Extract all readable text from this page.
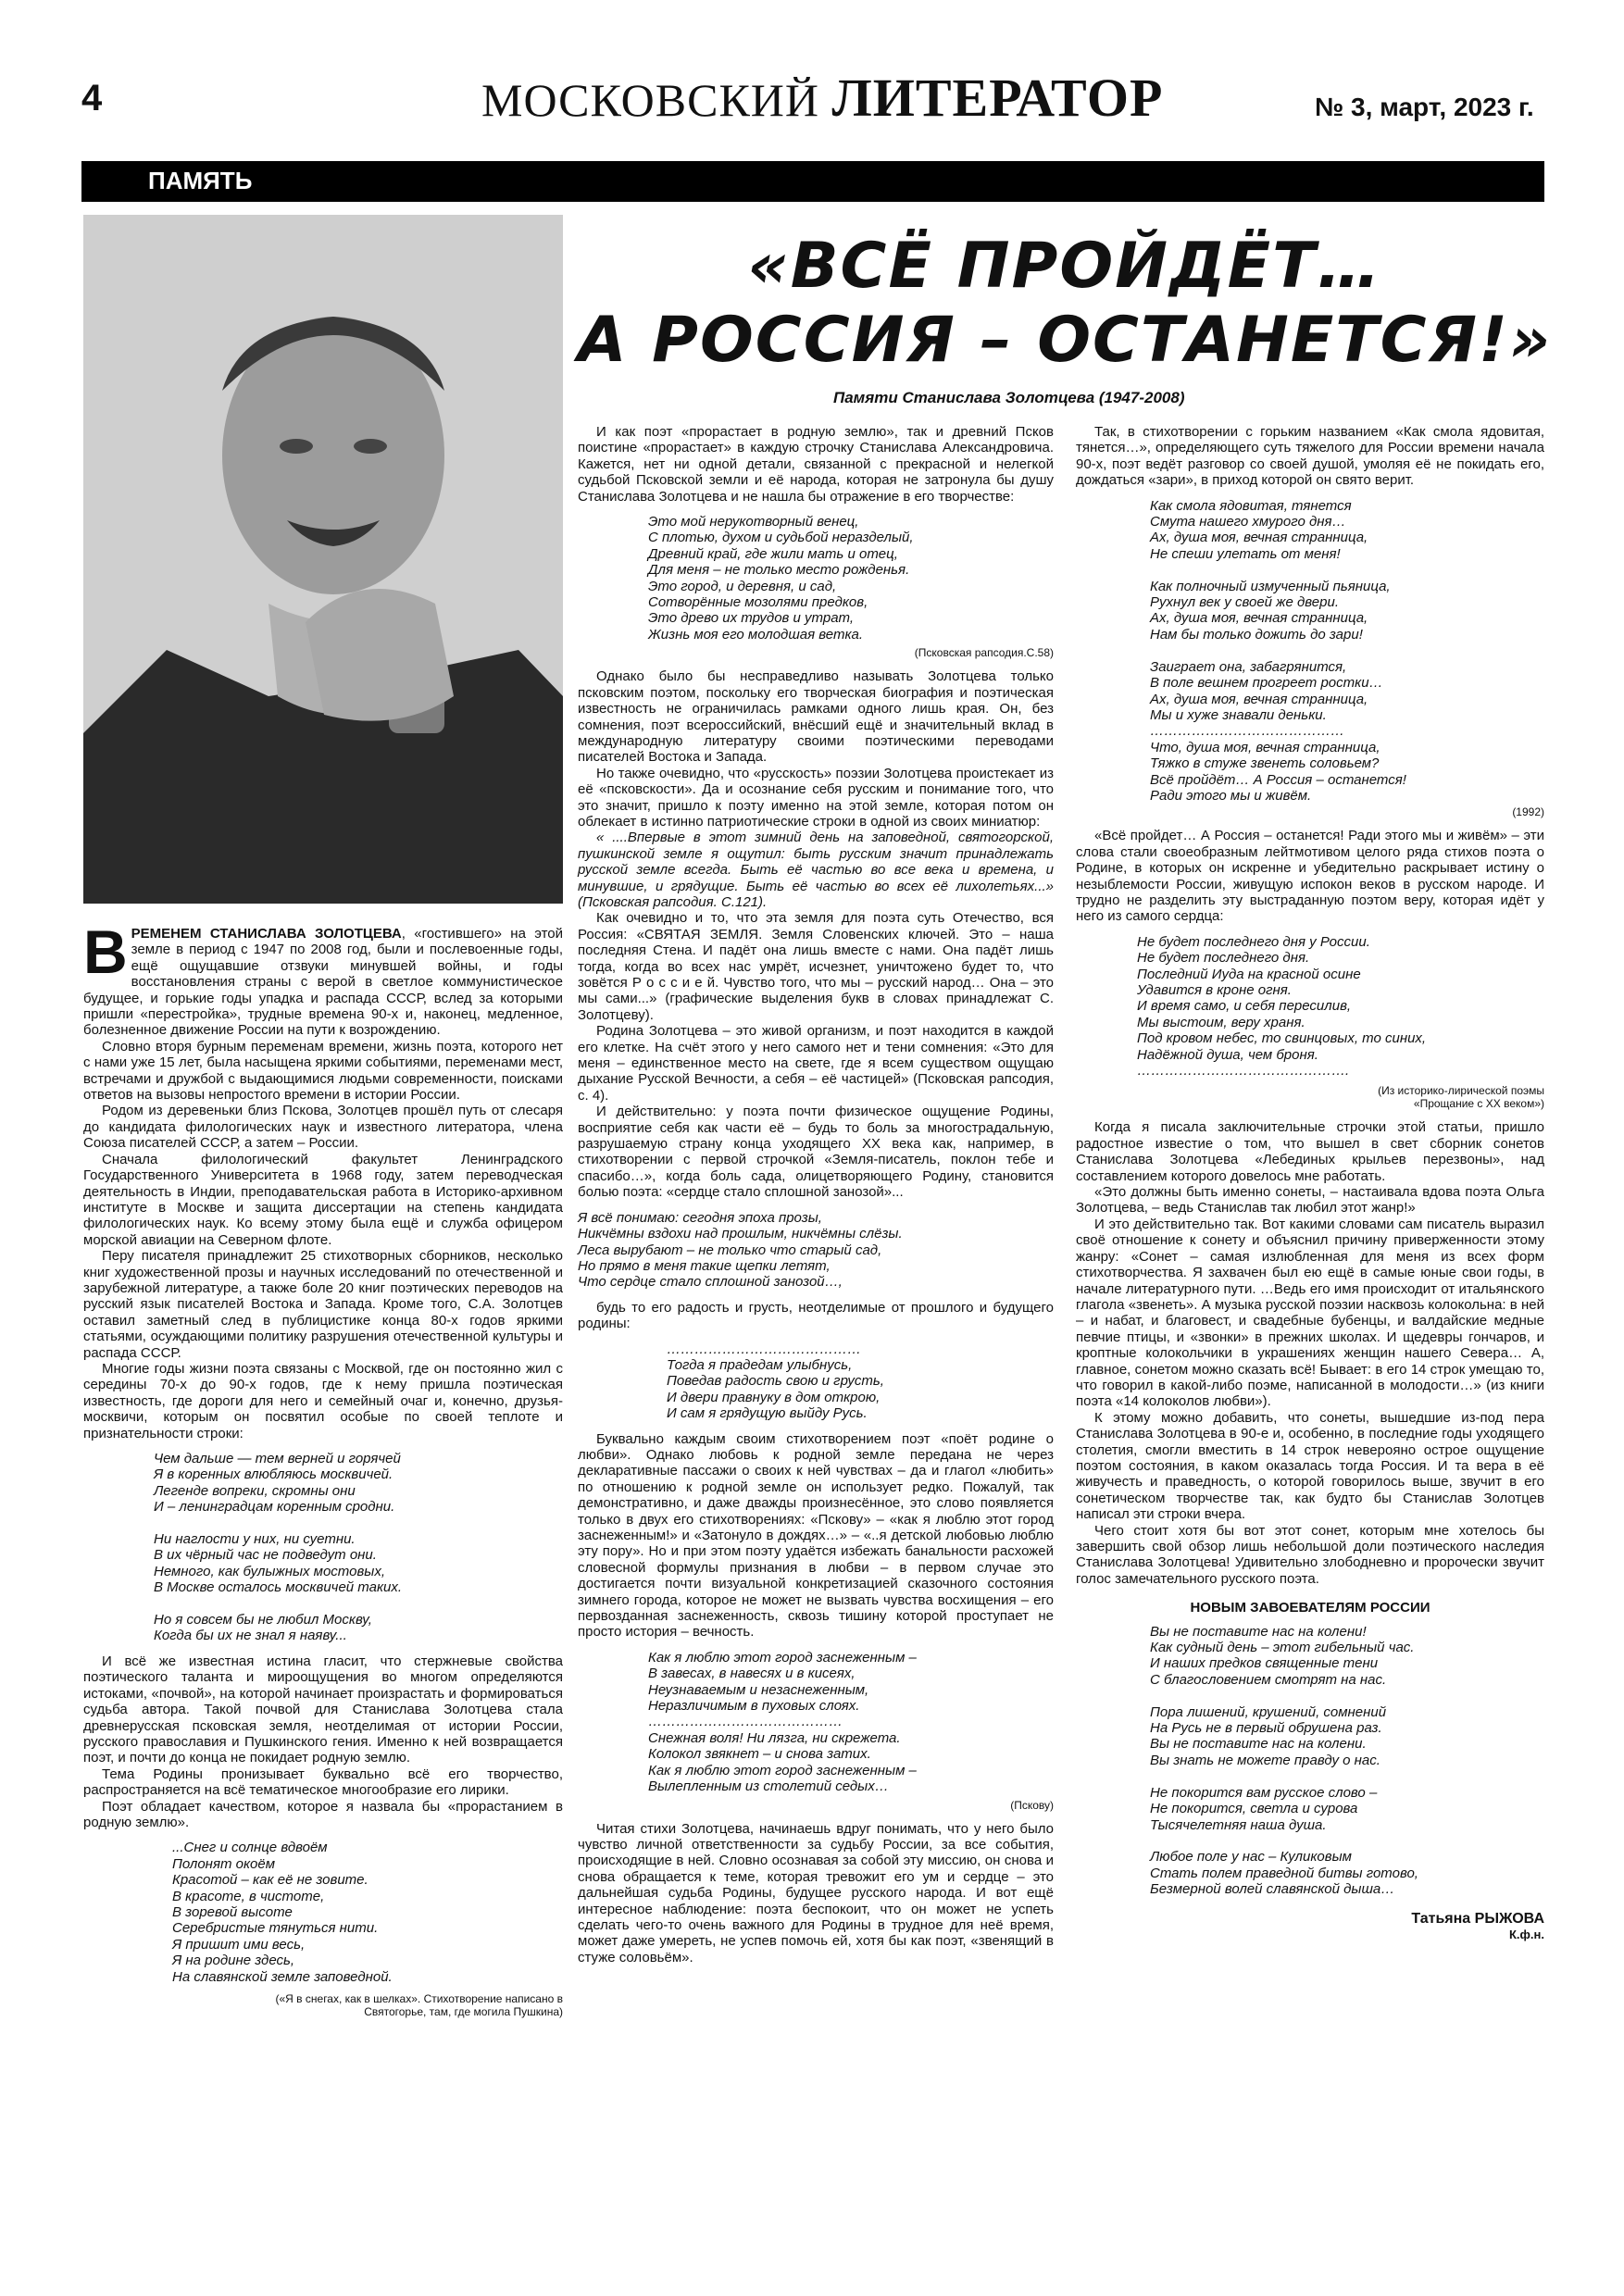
4	МОСКОВСКИЙ ЛИТЕРАТОР	№ 3, март, 2023 г.
ПАМЯТЬ
«ВСЁ ПРОЙДЁТ…
А РОССИЯ – ОСТАНЕТСЯ!»
Памяти Станислава Золотцева (1947-2008)

ВРЕМЕНЕМ СТАНИСЛАВА ЗОЛОТЦЕВА, «гостившего» на этой земле в период с 1947 по 2008 год, были и послевоенные годы, ещё ощущавшие отзвуки минувшей войны, и годы восстановления страны с верой в светлое коммунистическое будущее, и горькие годы упадка и распада СССР, вслед за которыми пришли «перестройка», трудные времена 90-х и, наконец, медленное, болезненное движение России на пути к возрождению.

Словно вторя бурным переменам времени, жизнь поэта, которого нет с нами уже 15 лет, была насыщена яркими событиями, переменами мест, встречами и дружбой с выдающимися людьми современности, поисками ответов на вызовы непростого времени в истории России.

Родом из деревеньки близ Пскова, Золотцев прошёл путь от слесаря до кандидата филологических наук и известного литератора, члена Союза писателей СССР, а затем – России.

Сначала филологический факультет Ленинградского Государственного Университета в 1968 году, затем переводческая деятельность в Индии, преподавательская работа в Историко-архивном институте в Москве и защита диссертации на степень кандидата филологических наук. Ко всему этому была ещё и служба офицером морской авиации на Северном флоте.

Перу писателя принадлежит 25 стихотворных сборников, несколько книг художественной прозы и научных исследований по отечественной и зарубежной литературе, а также боле 20 книг поэтических переводов на русский язык писателей Востока и Запада. Кроме того, С.А. Золотцев оставил заметный след в публицистике конца 80-х годов яркими статьями, осуждающими политику разрушения отечественной культуры и распада СССР.

Многие годы жизни поэта связаны с Москвой, где он постоянно жил с середины 70-х до 90-х годов, где к нему пришла поэтическая известность, где дороги для него и семейный очаг и, конечно, друзья-москвичи, которым он посвятил особые по своей теплоте и признательности строки:

Чем дальше — тем верней и горячей
Я в коренных влюбляюсь москвичей.
Легенде вопреки, скромны они
И – ленинградцам коренным сродни.

Ни наглости у них, ни суетни.
В их чёрный час не подведут они.
Немного, как булыжных мостовых,
В Москве осталось москвичей таких.

Но я совсем бы не любил Москву,
Когда бы их не знал я наяву...

И всё же известная истина гласит, что стержневые свойства поэтического таланта и мироощущения во многом определяются истоками, «почвой», на которой начинает произрастать и формироваться судьба автора. Такой почвой для Станислава Золотцева стала древнерусская псковская земля, неотделимая от истории России, русского православия и Пушкинского гения. Именно к ней возвращается поэт, и почти до конца не покидает родную землю.

Тема Родины пронизывает буквально всё его творчество, распространяется на всё тематическое многообразие его лирики.

Поэт обладает качеством, которое я назвала бы «прорастанием в родную землю».

...Снег и солнце вдвоём
Полонят окоём
Красотой – как её не зовите.
В красоте, в чистоте,
В зоревой высоте
Серебристые тянуться нити.
Я пришит ими весь,
Я на родине здесь,
На славянской земле заповедной.
(«Я в снегах, как в шелках». Стихотворение написано в Святогорье, там, где могила Пушкина)

И как поэт «прорастает в родную землю», так и древний Псков поистине «прорастает» в каждую строчку Станислава Александровича. Кажется, нет ни одной детали, связанной с прекрасной и нелегкой судьбой Псковской земли и её народа, которая не затронула бы душу Станислава Золотцева и не нашла бы отражение в его творчестве:

Это мой нерукотворный венец,
С плотью, духом и судьбой неразделый,
Древний край, где жили мать и отец,
Для меня – не только место рожденья.
Это город, и деревня, и сад,
Сотворённые мозолями предков,
Это древо их трудов и утрат,
Жизнь моя его молодшая ветка.
(Псковская рапсодия.С.58)

Однако было бы несправедливо называть Золотцева только псковским поэтом, поскольку его творческая биография и поэтическая известность не ограничилась рамками одного лишь края. Он, без сомнения, поэт всероссийский, внёсший ещё и значительный вклад в международную литературу своими поэтическими переводами писателей Востока и Запада.

Но также очевидно, что «русскость» поэзии Золотцева проистекает из её «псковскости». Да и осознание себя русским и понимание того, что это значит, пришло к поэту именно на этой земле, которая потом он облекает в истинно патриотические строки в одной из своих миниатюр:

« ....Впервые в этот зимний день на заповедной, святогорской, пушкинской земле я ощутил: быть русским значит принадлежать русской земле всегда. Быть её частью во все века и времена, и минувшие, и грядущие. Быть её частью во всех её лихолетьях...» (Псковская рапсодия. С.121).

Как очевидно и то, что эта земля для поэта суть Отечество, вся Россия: «СВЯТАЯ ЗЕМЛЯ. Земля Словенских ключей. Это – наша последняя Стена. И падёт она лишь вместе с нами. Она падёт лишь тогда, когда во всех нас умрёт, исчезнет, уничтожено будет то, что зовётся Р о с с и е й. Чувство того, что мы – русский народ… Она – это мы сами...» (графические выделения букв в словах принадлежат С. Золотцеву).

Родина Золотцева – это живой организм, и поэт находится в каждой его клетке. На счёт этого у него самого нет и тени сомнения: «Это для меня – единственное место на свете, где я всем существом ощущаю дыхание Русской Вечности, а себя – её частицей» (Псковская рапсодия, с. 4).

И действительно: у поэта почти физическое ощущение Родины, восприятие себя как части её – будь то боль за многострадальную, разрушаемую страну конца уходящего XX века как, например, в стихотворении с первой строчкой «Земля-писатель, поклон тебе и спасибо…», когда боль сада, олицетворяющего Родину, становится болью поэта: «сердце стало сплошной занозой»...

Я всё понимаю: сегодня эпоха прозы,
Никчёмны вздохи над прошлым, никчёмны слёзы.
Леса вырубают – не только что старый сад,
Но прямо в меня такие щепки летят,
Что сердце стало сплошной занозой…,

будь то его радость и грусть, неотделимые от прошлого и будущего родины:

……………………………………
Тогда я прадедам улыбнусь,
Поведав радость свою и грусть,
И двери правнуку в дом открою,
И сам я грядущую выйду Русь.

Буквально каждым своим стихотворением поэт «поёт родине о любви». Однако любовь к родной земле передана не через декларативные пассажи о своих к ней чувствах – да и глагол «любить» по отношению к родной земле он использует редко. Пожалуй, так демонстративно, и даже дважды произнесённое, это слово появляется только в двух его стихотворениях: «Пскову» – «как я люблю этот город заснеженным!» и «Затонуло в дождях…» – «..я детской любовью люблю эту пору». Но и при этом поэту удаётся избежать банальности расхожей словесной формулы признания в любви – в первом случае это достигается почти визуальной конкретизацией сказочного состояния зимнего города, которое не может не вызвать чувства восхищения – его первозданная заснеженность, сквозь тишину которой проступает не просто история – вечность.

Как я люблю этот город заснеженным –
В завесах, в навесях и в кисеях,
Неузнаваемым и незаснеженным,
Неразличимым в пуховых слоях.
……………………………………
Снежная воля! Ни лязга, ни скрежета.
Колокол звякнет – и снова затих.
Как я люблю этот город заснеженным –
Вылепленным из столетий седых…
(Пскову)

Читая стихи Золотцева, начинаешь вдруг понимать, что у него было чувство личной ответственности за судьбу России, за все события, происходящие в ней. Словно осознавая за собой эту миссию, он снова и снова обращается к теме, которая тревожит его ум и сердце – это дальнейшая судьба Родины, будущее русского народа. И вот ещё интересное наблюдение: поэта беспокоит, что он может не успеть сделать чего-то очень важного для Родины в трудное для неё время, может даже умереть, не успев помочь ей, хотя бы как поэт, «звенящий в стуже соловьём».

Так, в стихотворении с горьким названием «Как смола ядовитая, тянется…», определяющего суть тяжелого для России времени начала 90-х, поэт ведёт разговор со своей душой, умоляя её не покидать его, дождаться «зари», в приход которой он свято верит.

Как смола ядовитая, тянется
Смута нашего хмурого дня…
Ах, душа моя, вечная странница,
Не спеши улетать от меня!

Как полночный измученный пьяница,
Рухнул век у своей же двери.
Ах, душа моя, вечная странница,
Нам бы только дожить до зари!

Заиграет она, забагрянится,
В поле вешнем прогреет ростки…
Ах, душа моя, вечная странница,
Мы и хуже знавали деньки.
……………………………………
Что, душа моя, вечная странница,
Тяжко в стуже звенеть соловьем?
Всё пройдёт… А Россия – останется!
Ради этого мы и живём.
(1992)

«Всё пройдет… А Россия – останется! Ради этого мы и живём» – эти слова стали своеобразным лейтмотивом целого ряда стихов поэта о Родине, в которых он искренне и убедительно раскрывает истину о незыблемости России, живущую испокон веков в русском народе. И трудно не разделить эту выстраданную поэтом веру, которая идёт у него из самого сердца:

Не будет последнего дня у России.
Не будет последнего дня.
Последний Иуда на красной осине
Удавится в кроне огня.
И время само, и себя пересилив,
Мы выстоим, веру храня.
Под кровом небес, то свинцовых, то синих,
Надёжной душа, чем броня.
……………………………………….
(Из историко-лирической поэмы «Прощание с XX веком»)

Когда я писала заключительные строчки этой статьи, пришло радостное известие о том, что вышел в свет сборник сонетов Станислава Золотцева «Лебединых крыльев перезвоны», над составлением которого довелось мне работать.

«Это должны быть именно сонеты, – настаивала вдова поэта Ольга Золотцева, – ведь Станислав так любил этот жанр!»

И это действительно так. Вот какими словами сам писатель выразил своё отношение к сонету и объяснил причину приверженности этому жанру: «Сонет – самая излюбленная для меня из всех форм стихотворчества. Я захвачен был ею ещё в самые юные свои годы, в начале литературного пути. …Ведь его имя происходит от итальянского глагола «звенеть». А музыка русской поэзии насквозь колокольна: в ней – и набат, и благовест, и свадебные бубенцы, и валдайские медные певчие птицы, и «звонки» в прежних школах. И щедевры гончаров, и кроптные колокольчики в украшениях женщин нашего Севера… А, главное, сонетом можно сказать всё! Бывает: в его 14 строк умещаю то, что говорил в какой-либо поэме, написанной в молодости…» (из книги поэта «14 колоколов любви»).

К этому можно добавить, что сонеты, вышедшие из-под пера Станислава Золотцева в 90-е и, особенно, в последние годы уходящего столетия, смогли вместить в 14 строк неверояно острое ощущение поэтом состояния, в каком оказалась тогда Россия. И та вера в её живучесть и праведность, о которой говорилось выше, звучит в его сонетическом творчестве так, как будто бы Станислав Золотцев написал эти строки вчера.

Чего стоит хотя бы вот этот сонет, которым мне хотелось бы завершить свой обзор лишь небольшой доли поэтического наследия Станислава Золотцева! Удивительно злободневно и пророчески звучит голос замечательного русского поэта.

НОВЫМ ЗАВОЕВАТЕЛЯМ РОССИИ
Вы не поставите нас на колени!
Как судный день – этот гибельный час.
И наших предков священные тени
С благословением смотрят на нас.

Пора лишений, крушений, сомнений
На Русь не в первый обрушена раз.
Вы не поставите нас на колени.
Вы знать не можете правду о нас.

Не покорится вам русское слово –
Не покорится, светла и сурова
Тысячелетняя наша душа.

Любое поле у нас – Куликовым
Стать полем праведной битвы готово,
Безмерной волей славянской дыша…
Татьяна РЫЖОВА
К.ф.н.
